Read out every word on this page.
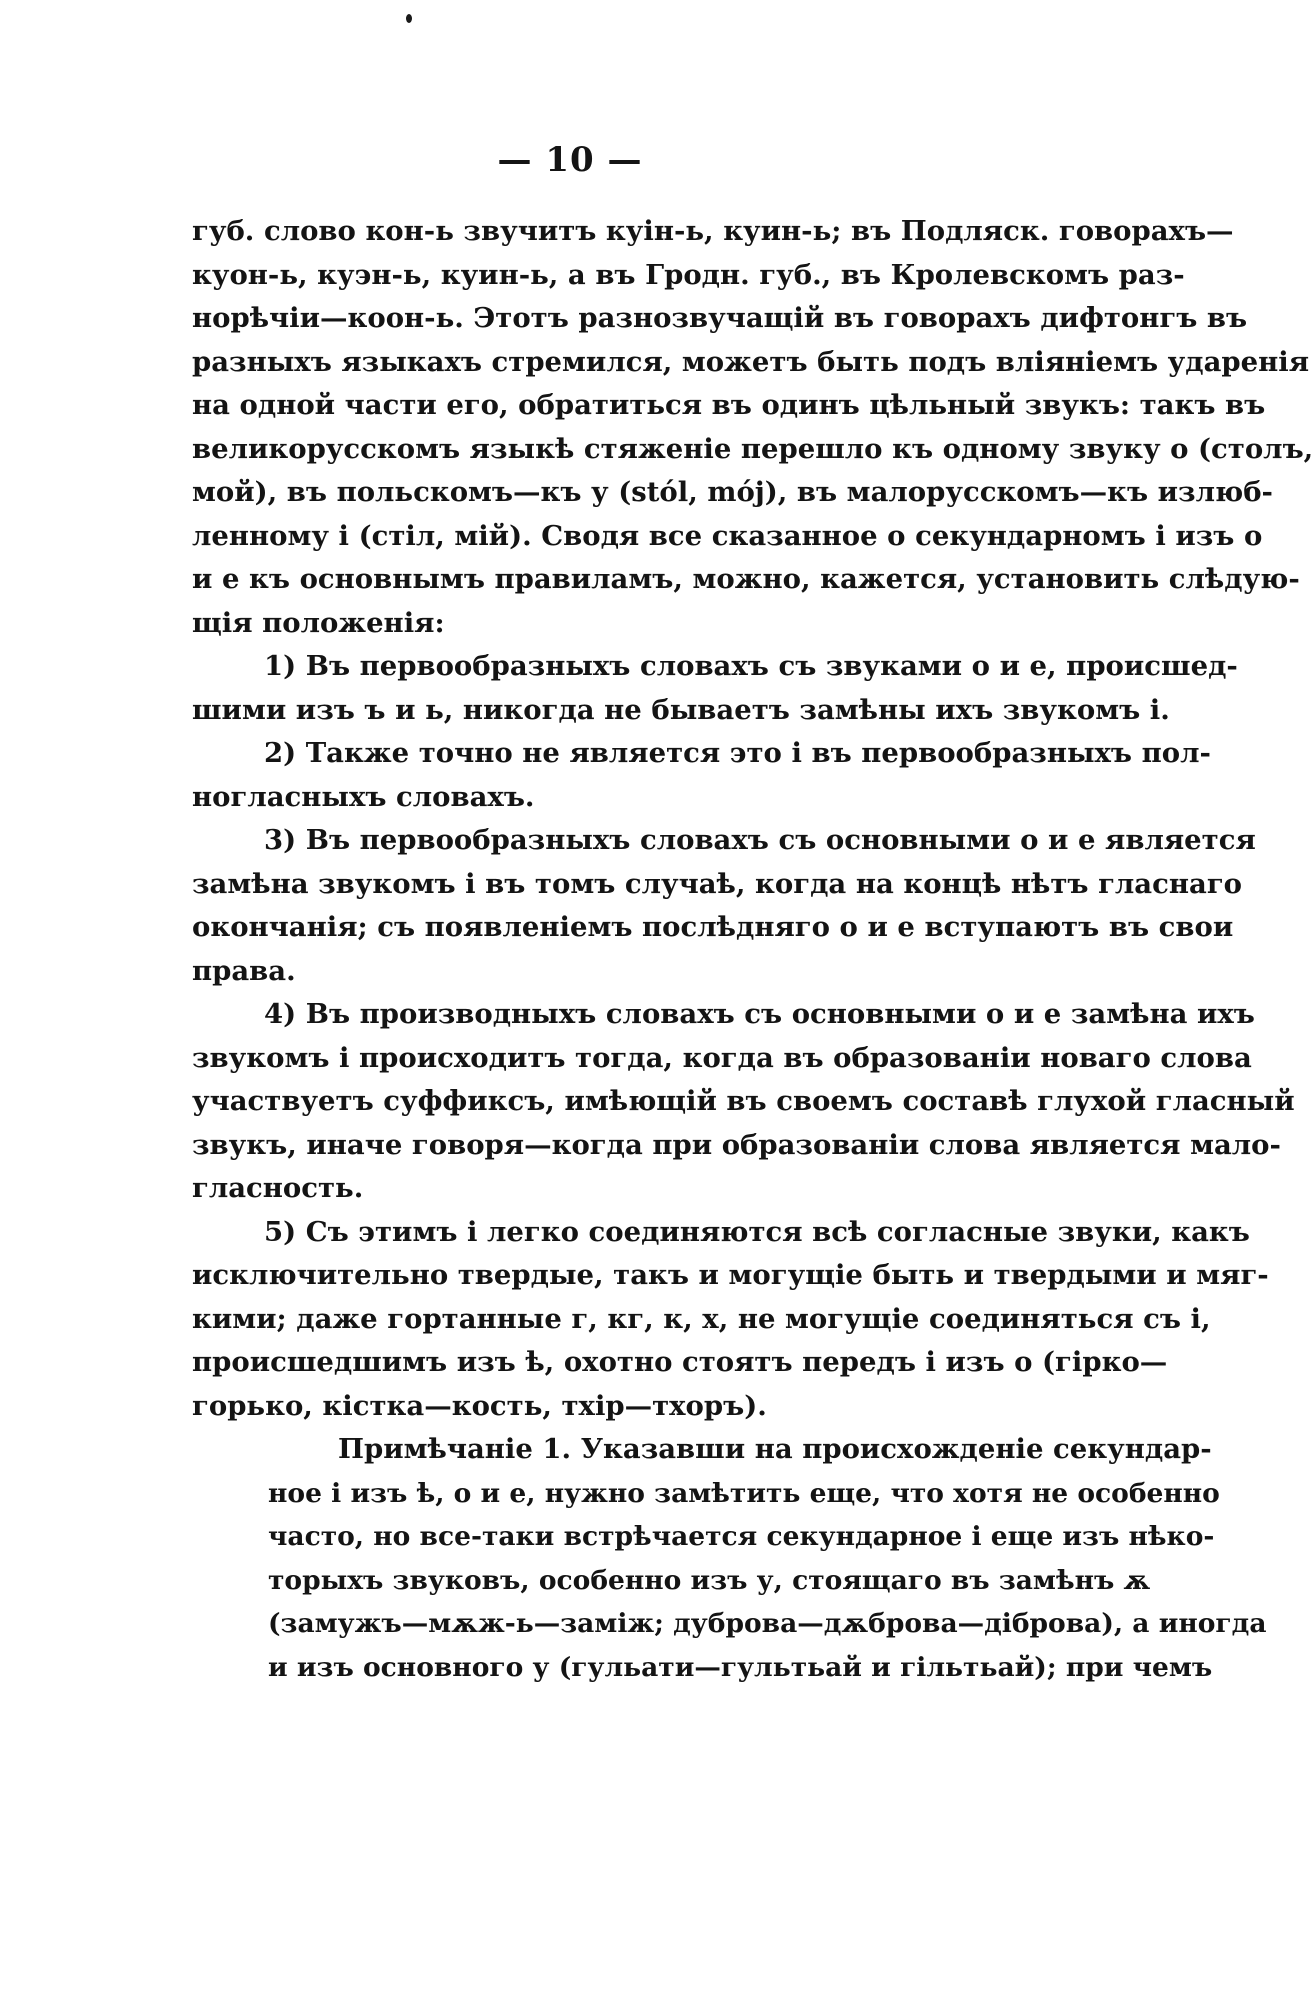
— 10 —
губ. слово кон-ь звучитъ куін-ь, куин-ь; въ Подляск. говорахъ—
куон-ь, куэн-ь, куин-ь, а въ Гродн. губ., въ Кролевскомъ раз-
норѣчіи—коон-ь. Этотъ разнозвучащій въ говорахъ дифтонгъ въ
разныхъ языкахъ стремился, можетъ быть подъ вліяніемъ ударенія
на одной части его, обратиться въ одинъ цѣльный звукъ: такъ въ
великорусскомъ языкѣ стяженіе перешло къ одному звуку о (столъ,
мой), въ польскомъ—къ у (stól, mój), въ малорусскомъ—къ излюб-
ленному і (стіл, мій). Сводя все сказанное о секундарномъ і изъ о
и е къ основнымъ правиламъ, можно, кажется, установить слѣдую-
щія положенія:
1) Въ первообразныхъ словахъ съ звуками о и е, происшед-
шими изъ ъ и ь, никогда не бываетъ замѣны ихъ звукомъ і.
2) Также точно не является это і въ первообразныхъ пол-
ногласныхъ словахъ.
3) Въ первообразныхъ словахъ съ основными о и е является
замѣна звукомъ і въ томъ случаѣ, когда на концѣ нѣтъ гласнаго
окончанія; съ появленіемъ послѣдняго о и е вступаютъ въ свои
права.
4) Въ производныхъ словахъ съ основными о и е замѣна ихъ
звукомъ і происходитъ тогда, когда въ образованіи новаго слова
участвуетъ суффиксъ, имѣющій въ своемъ составѣ глухой гласный
звукъ, иначе говоря—когда при образованіи слова является мало-
гласность.
5) Съ этимъ і легко соединяются всѣ согласные звуки, какъ
исключительно твердые, такъ и могущіе быть и твердыми и мяг-
кими; даже гортанные г, кг, к, х, не могущіе соединяться съ і,
происшедшимъ изъ ѣ, охотно стоятъ передъ і изъ о (гірко—
горько, кістка—кость, тхір—тхоръ).
Примѣчаніе 1. Указавши на происхожденіе секундар-
ное і изъ ѣ, о и е, нужно замѣтить еще, что хотя не особенно
часто, но все-таки встрѣчается секундарное і еще изъ нѣко-
торыхъ звуковъ, особенно изъ у, стоящаго въ замѣнъ ѫ
(замужъ—мѫж-ь—заміж; дуброва—дѫброва—діброва), а иногда
и изъ основного у (гульати—гультьай и гільтьай); при чемъ
